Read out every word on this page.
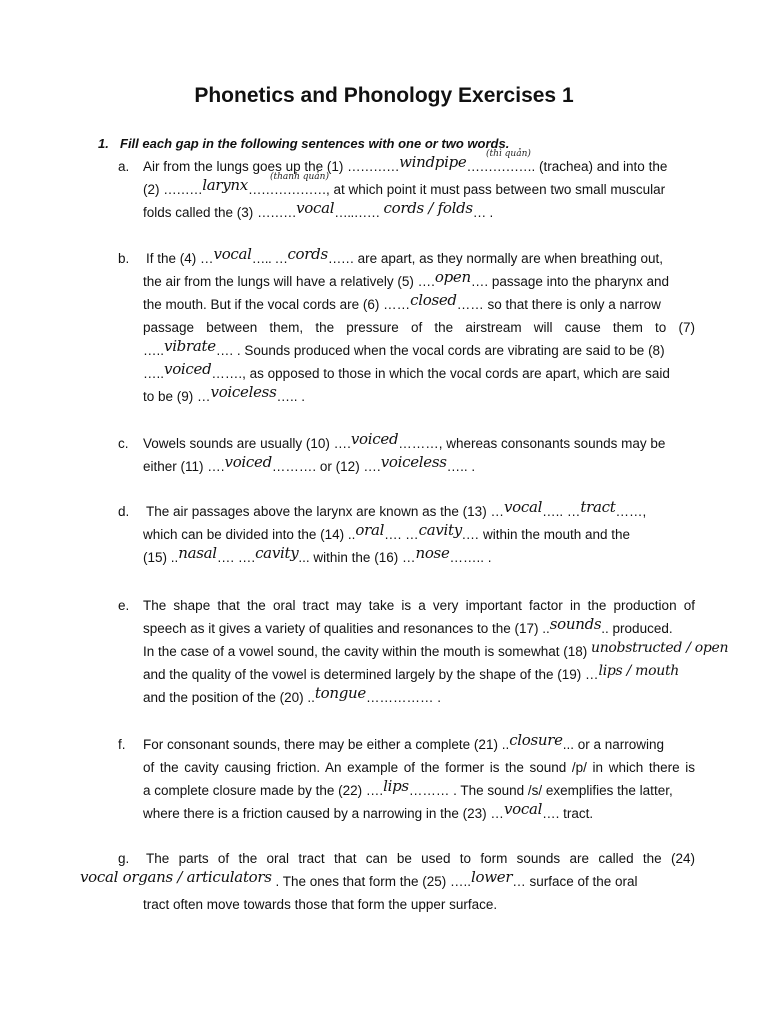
Phonetics and Phonology Exercises 1
1. Fill each gap in the following sentences with one or two words.
a. Air from the lungs goes up the (1) …………windpipe……………. (trachea) and into the
(thì quản)
(2) ………larynx………………, at which point it must pass between two small muscular
(thanh quản)
folds called the (3) ………vocal…..…… cords / folds… .
b. If the (4) …vocal….. …cords…… are apart, as they normally are when breathing out,
the air from the lungs will have a relatively (5) ….open…. passage into the pharynx and
the mouth. But if the vocal cords are (6) ……closed…… so that there is only a narrow
passage between them, the pressure of the airstream will cause them to (7)
…..vibrate…. . Sounds produced when the vocal cords are vibrating are said to be (8)
…..voiced……., as opposed to those in which the vocal cords are apart, which are said
to be (9) …voiceless….. .
c. Vowels sounds are usually (10) ….voiced………, whereas consonants sounds may be
either (11) ….voiced………. or (12) ….voiceless….. .
d. The air passages above the larynx are known as the (13) …vocal….. …tract……,
which can be divided into the (14) ..oral…. …cavity.… within the mouth and the
(15) ..nasal…. ….cavity... within the (16) …nose…….. .
e. The shape that the oral tract may take is a very important factor in the production of
speech as it gives a variety of qualities and resonances to the (17) ..sounds.. produced.
In the case of a vowel sound, the cavity within the mouth is somewhat (18) unobstructed / open
and the quality of the vowel is determined largely by the shape of the (19) …lips / mouth
and the position of the (20) ..tongue…………… .
f. For consonant sounds, there may be either a complete (21) ..closure... or a narrowing
of the cavity causing friction. An example of the former is the sound /p/ in which there is
a complete closure made by the (22) ….lips……… . The sound /s/ exemplifies the latter,
where there is a friction caused by a narrowing in the (23) …vocal…. tract.
g. The parts of the oral tract that can be used to form sounds are called the (24)
vocal organs / articulators . The ones that form the (25) …..lower… surface of the oral
tract often move towards those that form the upper surface.
